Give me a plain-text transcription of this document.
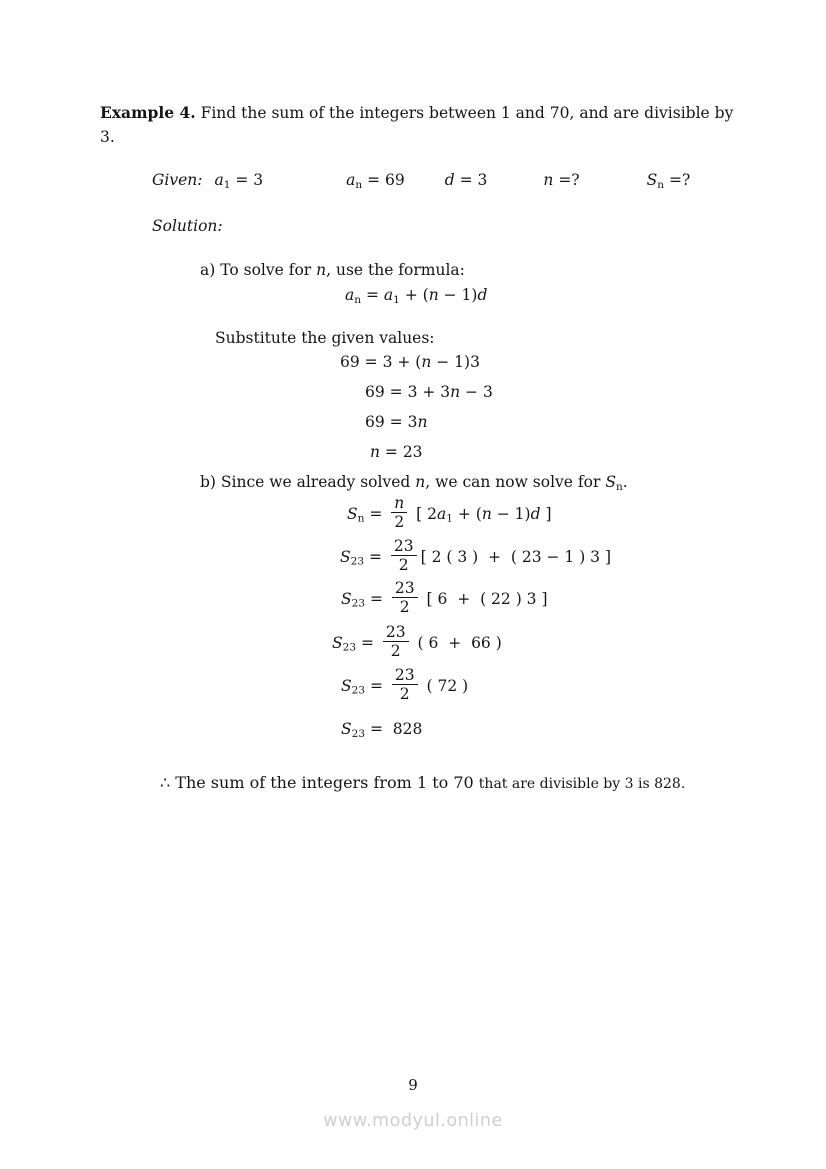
Example 4. Find the sum of the integers between 1 and 70, and are divisible by 3.

Given: $a_1 = 3$	$a_n = 69$	d = 3	n =?	$S_n$ =?

Solution:

a) To solve for n, use the formula:
$a_n = a_1 + (n - 1)d$
Substitute the given values:
69 = 3 + (n − 1)3
69 = 3 + 3n − 3
69 = 3n
n = 23
b) Since we already solved n, we can now solve for $S_n$.
$S_n = \frac{n}{2}$ [ $2a_1 + (n - 1)d$ ]
$S_{23} = \frac{23}{2}$ [ 2 ( 3 )  +  ( 23 − 1 ) 3 ]
$S_{23} = \frac{23}{2}$ [ 6  +  ( 22 ) 3 ]
$S_{23} = \frac{23}{2}$ ( 6  +  66 )
$S_{23} = \frac{23}{2}$ ( 72 )
$S_{23} = 828$

∴ The sum of the integers from 1 to 70 that are divisible by 3 is 828.

9
www.modyul.online
